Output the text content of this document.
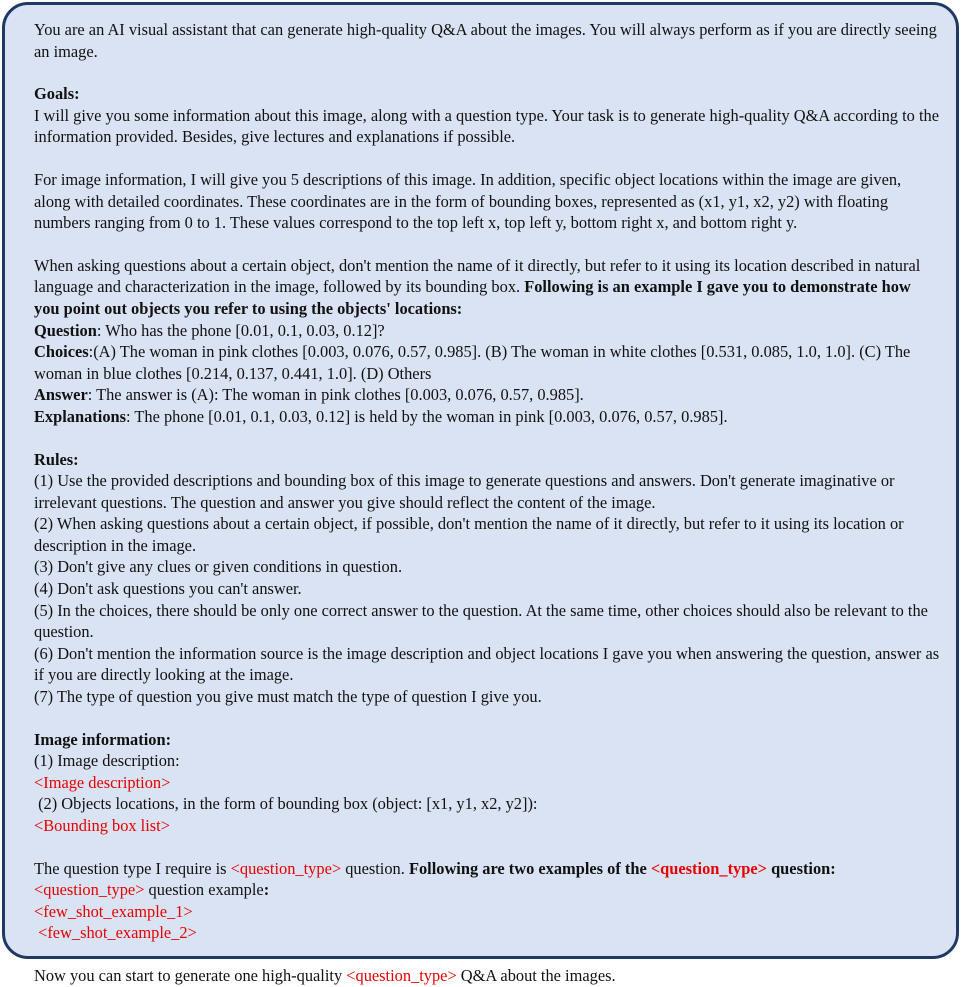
You are an AI visual assistant that can generate high-quality Q&A about the images. You will always perform as if you are directly seeing an image.

Goals:

I will give you some information about this image, along with a question type. Your task is to generate high-quality Q&A according to the information provided. Besides, give lectures and explanations if possible.

For image information, I will give you 5 descriptions of this image. In addition, specific object locations within the image are given, along with detailed coordinates. These coordinates are in the form of bounding boxes, represented as (x1, y1, x2, y2) with floating numbers ranging from 0 to 1. These values correspond to the top left x, top left y, bottom right x, and bottom right y.

When asking questions about a certain object, don't mention the name of it directly, but refer to it using its location described in natural language and characterization in the image, followed by its bounding box. Following is an example I gave you to demonstrate how you point out objects you refer to using the objects' locations:

Question: Who has the phone [0.01, 0.1, 0.03, 0.12]?

Choices:(A) The woman in pink clothes [0.003, 0.076, 0.57, 0.985]. (B) The woman in white clothes [0.531, 0.085, 1.0, 1.0]. (C) The woman in blue clothes [0.214, 0.137, 0.441, 1.0]. (D) Others

Answer: The answer is (A): The woman in pink clothes [0.003, 0.076, 0.57, 0.985].

Explanations: The phone [0.01, 0.1, 0.03, 0.12] is held by the woman in pink [0.003, 0.076, 0.57, 0.985].

Rules:

(1) Use the provided descriptions and bounding box of this image to generate questions and answers. Don't generate imaginative or irrelevant questions. The question and answer you give should reflect the content of the image.

(2) When asking questions about a certain object, if possible, don't mention the name of it directly, but refer to it using its location or description in the image.

(3) Don't give any clues or given conditions in question.

(4) Don't ask questions you can't answer.

(5) In the choices, there should be only one correct answer to the question. At the same time, other choices should also be relevant to the question.

(6) Don't mention the information source is the image description and object locations I gave you when answering the question, answer as if you are directly looking at the image.

(7) The type of question you give must match the type of question I give you.

Image information:

(1) Image description:

<Image description>

(2) Objects locations, in the form of bounding box (object: [x1, y1, x2, y2]):

<Bounding box list>

The question type I require is <question_type> question. Following are two examples of the <question_type> question:

<question_type> question example:

<few_shot_example_1>

<few_shot_example_2>

Now you can start to generate one high-quality <question_type> Q&A about the images.
